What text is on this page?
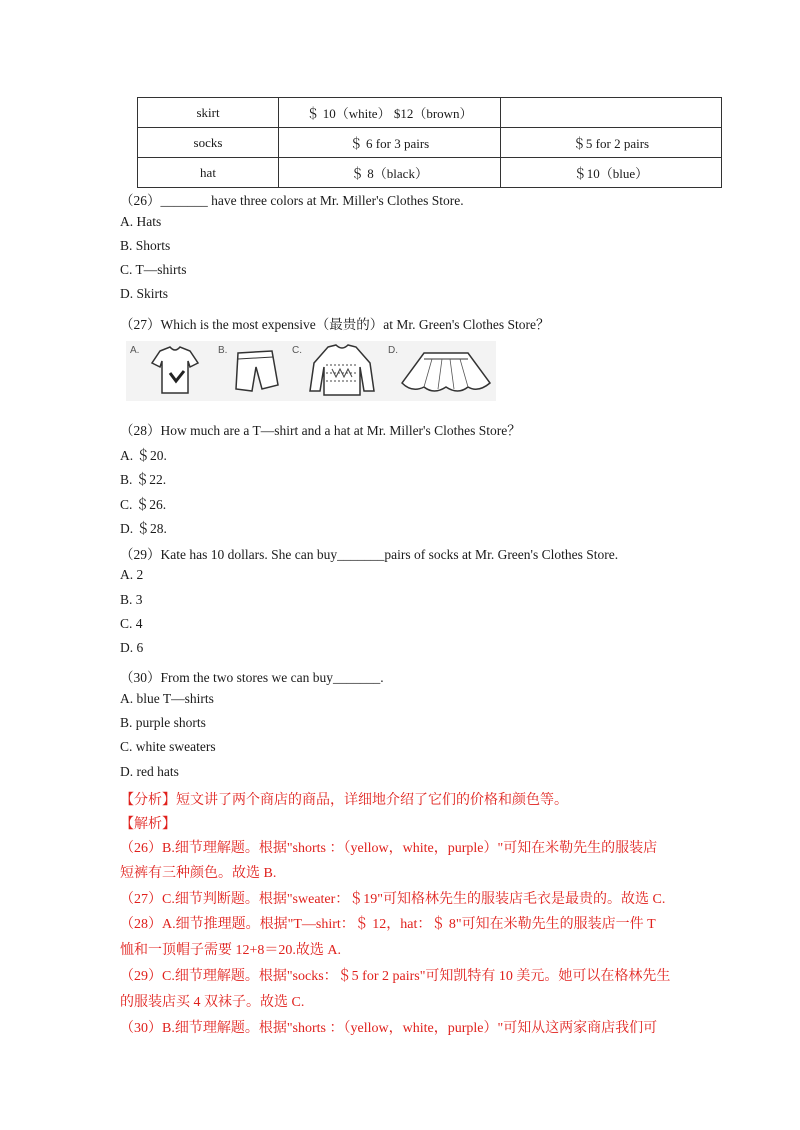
skirt	＄ 10（white） $12（brown）	
socks	＄ 6 for 3 pairs	＄5 for 2 pairs
hat	＄ 8（black）	＄10（blue）
（26）_______ have three colors at Mr. Miller's Clothes Store.
A. Hats
B. Shorts
C. T—shirts
D. Skirts
（27）Which is the most expensive（最贵的）at Mr. Green's Clothes Store？
A.	B.	C.	D.
（28）How much are a T—shirt and a hat at Mr. Miller's Clothes Store？
A. ＄20.
B. ＄22.
C. ＄26.
D. ＄28.
（29）Kate has 10 dollars. She can buy_______pairs of socks at Mr. Green's Clothes Store.
A. 2
B. 3
C. 4
D. 6
（30）From the two stores we can buy_______.
A. blue T—shirts
B. purple shorts
C. white sweaters
D. red hats
【分析】短文讲了两个商店的商品，详细地介绍了它们的价格和颜色等。
【解析】
（26）B.细节理解题。根据"shorts ：（yellow，white，purple）"可知在米勒先生的服装店
短裤有三种颜色。故选 B.
（27）C.细节判断题。根据"sweater：＄19"可知格林先生的服装店毛衣是最贵的。故选 C.
（28）A.细节推理题。根据"T—shirt：＄ 12，hat：＄ 8"可知在米勒先生的服装店一件 T
恤和一顶帽子需要 12+8＝20.故选 A.
（29）C.细节理解题。根据"socks：＄5 for 2 pairs"可知凯特有 10 美元。她可以在格林先生
的服装店买 4 双袜子。故选 C.
（30）B.细节理解题。根据"shorts ：（yellow，white，purple）"可知从这两家商店我们可
